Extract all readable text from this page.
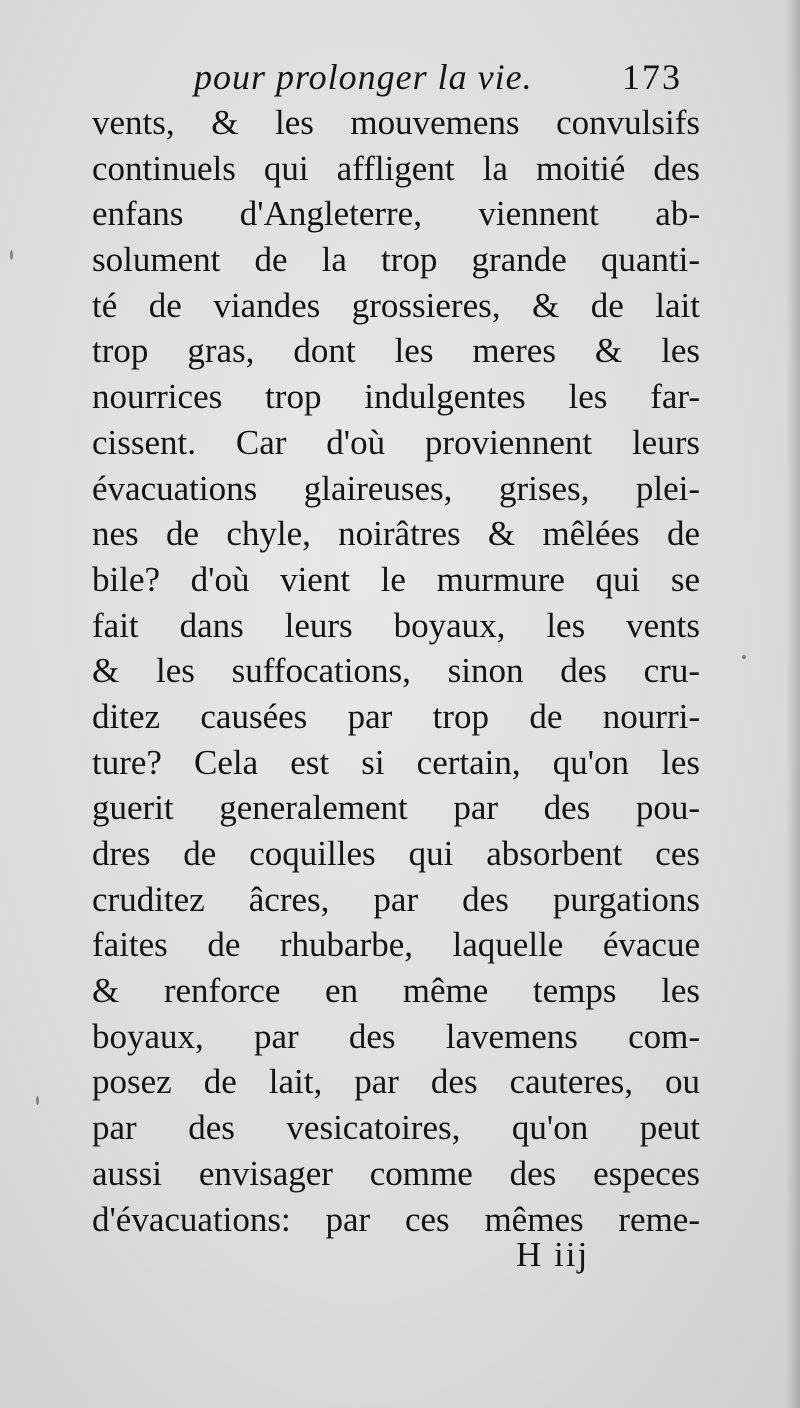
pour prolonger la vie. 173
vents, & les mouvemens convulsifs
continuels qui affligent la moitié des
enfans d'Angleterre, viennent ab-
solument de la trop grande quanti-
té de viandes grossieres, & de lait
trop gras, dont les meres & les
nourrices trop indulgentes les far-
cissent. Car d'où proviennent leurs
évacuations glaireuses, grises, plei-
nes de chyle, noirâtres & mêlées de
bile? d'où vient le murmure qui se
fait dans leurs boyaux, les vents
& les suffocations, sinon des cru-
ditez causées par trop de nourri-
ture? Cela est si certain, qu'on les
guerit generalement par des pou-
dres de coquilles qui absorbent ces
cruditez âcres, par des purgations
faites de rhubarbe, laquelle évacue
& renforce en même temps les
boyaux, par des lavemens com-
posez de lait, par des cauteres, ou
par des vesicatoires, qu'on peut
aussi envisager comme des especes
d'évacuations: par ces mêmes reme-
H iij
